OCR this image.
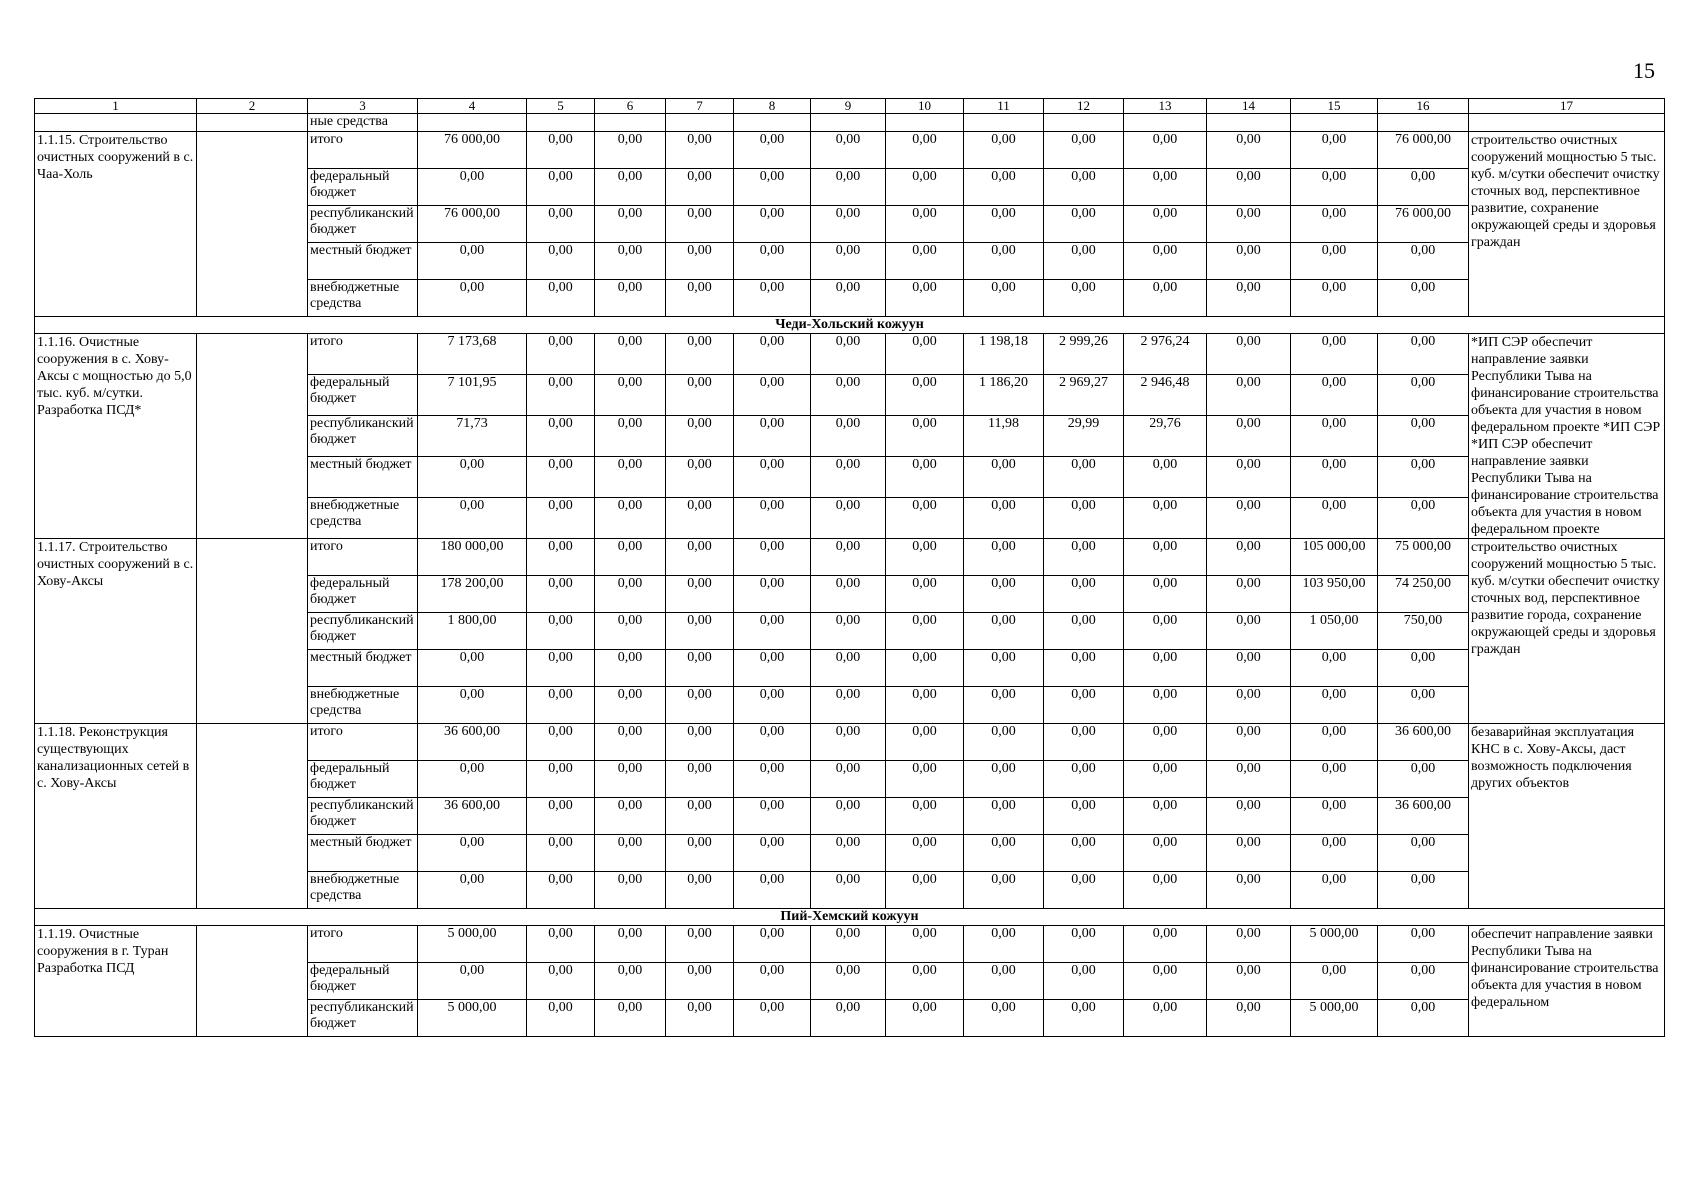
15
1	2	3	4	5	6	7	8	9	10	11	12	13	14	15	16	17
		ные средства														
1.1.15. Строительство очистных сооружений в с. Чаа-Холь		итого	76 000,00	0,00	0,00	0,00	0,00	0,00	0,00	0,00	0,00	0,00	0,00	0,00	76 000,00	строительство очистных сооружений мощностью 5 тыс. куб. м/сутки обеспечит очистку сточных вод, перспективное развитие, сохранение окружающей среды и здоровья граждан
		федеральный бюджет	0,00	0,00	0,00	0,00	0,00	0,00	0,00	0,00	0,00	0,00	0,00	0,00	0,00	
		республиканский бюджет	76 000,00	0,00	0,00	0,00	0,00	0,00	0,00	0,00	0,00	0,00	0,00	0,00	76 000,00	
		местный бюджет	0,00	0,00	0,00	0,00	0,00	0,00	0,00	0,00	0,00	0,00	0,00	0,00	0,00	
		внебюджетные средства	0,00	0,00	0,00	0,00	0,00	0,00	0,00	0,00	0,00	0,00	0,00	0,00	0,00	
Чеди-Хольский кожуун																
1.1.16. Очистные сооружения в с. Хову-Аксы с мощностью до 5,0 тыс. куб. м/сутки. Разработка ПСД*		итого	7 173,68	0,00	0,00	0,00	0,00	0,00	0,00	1 198,18	2 999,26	2 976,24	0,00	0,00	0,00	*ИП СЭР обеспечит направление заявки Республики Тыва на финансирование строительства объекта для участия в новом федеральном проекте *ИП СЭР *ИП СЭР обеспечит направление заявки Республики Тыва на финансирование строительства объекта для участия в новом федеральном проекте
		федеральный бюджет	7 101,95	0,00	0,00	0,00	0,00	0,00	0,00	1 186,20	2 969,27	2 946,48	0,00	0,00	0,00	
		республиканский бюджет	71,73	0,00	0,00	0,00	0,00	0,00	0,00	11,98	29,99	29,76	0,00	0,00	0,00	
		местный бюджет	0,00	0,00	0,00	0,00	0,00	0,00	0,00	0,00	0,00	0,00	0,00	0,00	0,00	
		внебюджетные средства	0,00	0,00	0,00	0,00	0,00	0,00	0,00	0,00	0,00	0,00	0,00	0,00	0,00	
1.1.17. Строительство очистных сооружений в с. Хову-Аксы		итого	180 000,00	0,00	0,00	0,00	0,00	0,00	0,00	0,00	0,00	0,00	0,00	105 000,00	75 000,00	строительство очистных сооружений мощностью 5 тыс. куб. м/сутки обеспечит очистку сточных вод, перспективное развитие города, сохранение окружающей среды и здоровья граждан
		федеральный бюджет	178 200,00	0,00	0,00	0,00	0,00	0,00	0,00	0,00	0,00	0,00	0,00	103 950,00	74 250,00	
		республиканский бюджет	1 800,00	0,00	0,00	0,00	0,00	0,00	0,00	0,00	0,00	0,00	0,00	1 050,00	750,00	
		местный бюджет	0,00	0,00	0,00	0,00	0,00	0,00	0,00	0,00	0,00	0,00	0,00	0,00	0,00	
		внебюджетные средства	0,00	0,00	0,00	0,00	0,00	0,00	0,00	0,00	0,00	0,00	0,00	0,00	0,00	
1.1.18. Реконструкция существующих канализационных сетей в с. Хову-Аксы		итого	36 600,00	0,00	0,00	0,00	0,00	0,00	0,00	0,00	0,00	0,00	0,00	0,00	36 600,00	безаварийная эксплуатация КНС в с. Хову-Аксы, даст возможность подключения других объектов
		федеральный бюджет	0,00	0,00	0,00	0,00	0,00	0,00	0,00	0,00	0,00	0,00	0,00	0,00	0,00	
		республиканский бюджет	36 600,00	0,00	0,00	0,00	0,00	0,00	0,00	0,00	0,00	0,00	0,00	0,00	36 600,00	
		местный бюджет	0,00	0,00	0,00	0,00	0,00	0,00	0,00	0,00	0,00	0,00	0,00	0,00	0,00	
		внебюджетные средства	0,00	0,00	0,00	0,00	0,00	0,00	0,00	0,00	0,00	0,00	0,00	0,00	0,00	
Пий-Хемский кожуун																
1.1.19. Очистные сооружения в г. Туран Разработка ПСД		итого	5 000,00	0,00	0,00	0,00	0,00	0,00	0,00	0,00	0,00	0,00	0,00	5 000,00	0,00	обеспечит направление заявки Республики Тыва на финансирование строительства объекта для участия в новом федеральном
		федеральный бюджет	0,00	0,00	0,00	0,00	0,00	0,00	0,00	0,00	0,00	0,00	0,00	0,00	0,00	
		республиканский бюджет	5 000,00	0,00	0,00	0,00	0,00	0,00	0,00	0,00	0,00	0,00	0,00	5 000,00	0,00	
